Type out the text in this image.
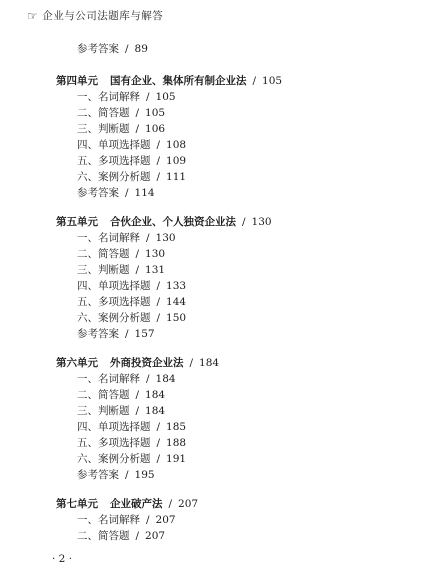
☞ 企业与公司法题库与解答
参考答案 / 89
第四单元 国有企业、集体所有制企业法 / 105
一、名词解释 / 105
二、简答题 / 105
三、判断题 / 106
四、单项选择题 / 108
五、多项选择题 / 109
六、案例分析题 / 111
参考答案 / 114
第五单元 合伙企业、个人独资企业法 / 130
一、名词解释 / 130
二、简答题 / 130
三、判断题 / 131
四、单项选择题 / 133
五、多项选择题 / 144
六、案例分析题 / 150
参考答案 / 157
第六单元 外商投资企业法 / 184
一、名词解释 / 184
二、简答题 / 184
三、判断题 / 184
四、单项选择题 / 185
五、多项选择题 / 188
六、案例分析题 / 191
参考答案 / 195
第七单元 企业破产法 / 207
一、名词解释 / 207
二、简答题 / 207
· 2 ·
